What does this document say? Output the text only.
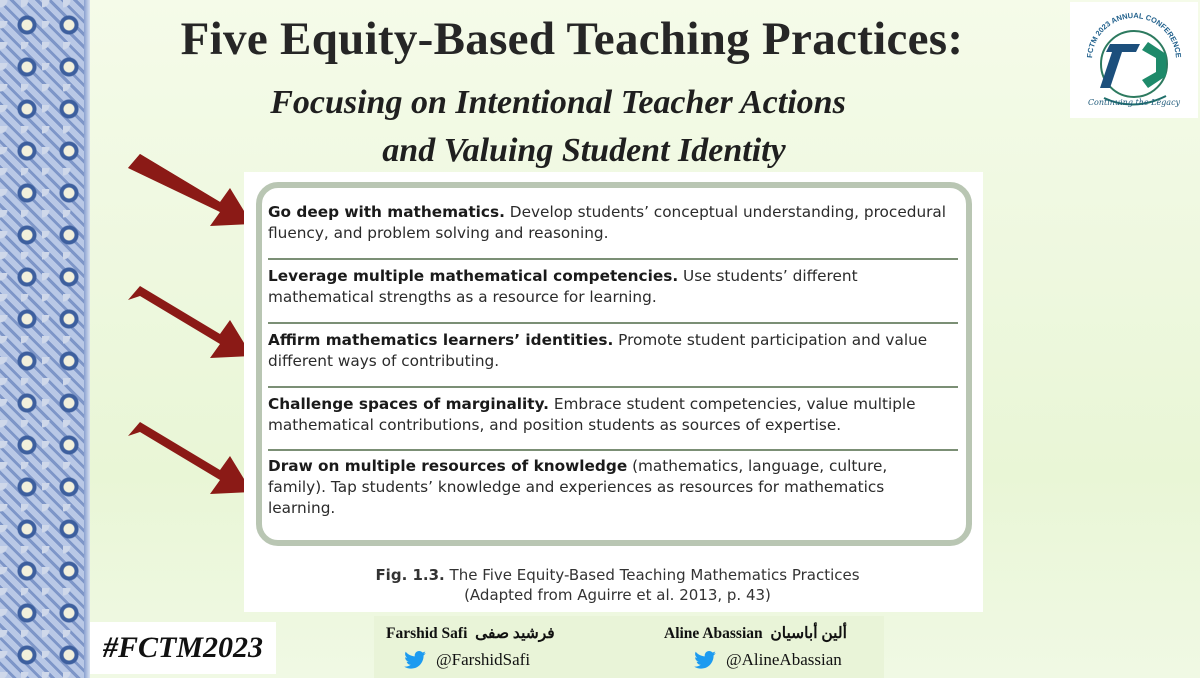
Five Equity-Based Teaching Practices:
Focusing on Intentional Teacher Actions
and Valuing Student Identity
FCTM 2023 ANNUAL CONFERENCE
Continuing the Legacy
Go deep with mathematics. Develop students’ conceptual understanding, procedural fluency, and problem solving and reasoning.
Leverage multiple mathematical competencies. Use students’ different mathematical strengths as a resource for learning.
Affirm mathematics learners’ identities. Promote student participation and value different ways of contributing.
Challenge spaces of marginality. Embrace student competencies, value multiple mathematical contributions, and position students as sources of expertise.
Draw on multiple resources of knowledge (mathematics, language, culture, family). Tap students’ knowledge and experiences as resources for mathematics learning.
Fig. 1.3. The Five Equity-Based Teaching Mathematics Practices
(Adapted from Aguirre et al. 2013, p. 43)
#FCTM2023	Farshid Safi فرشید صفی
@FarshidSafi
Aline Abassian ألین أباسیان
@AlineAbassian
